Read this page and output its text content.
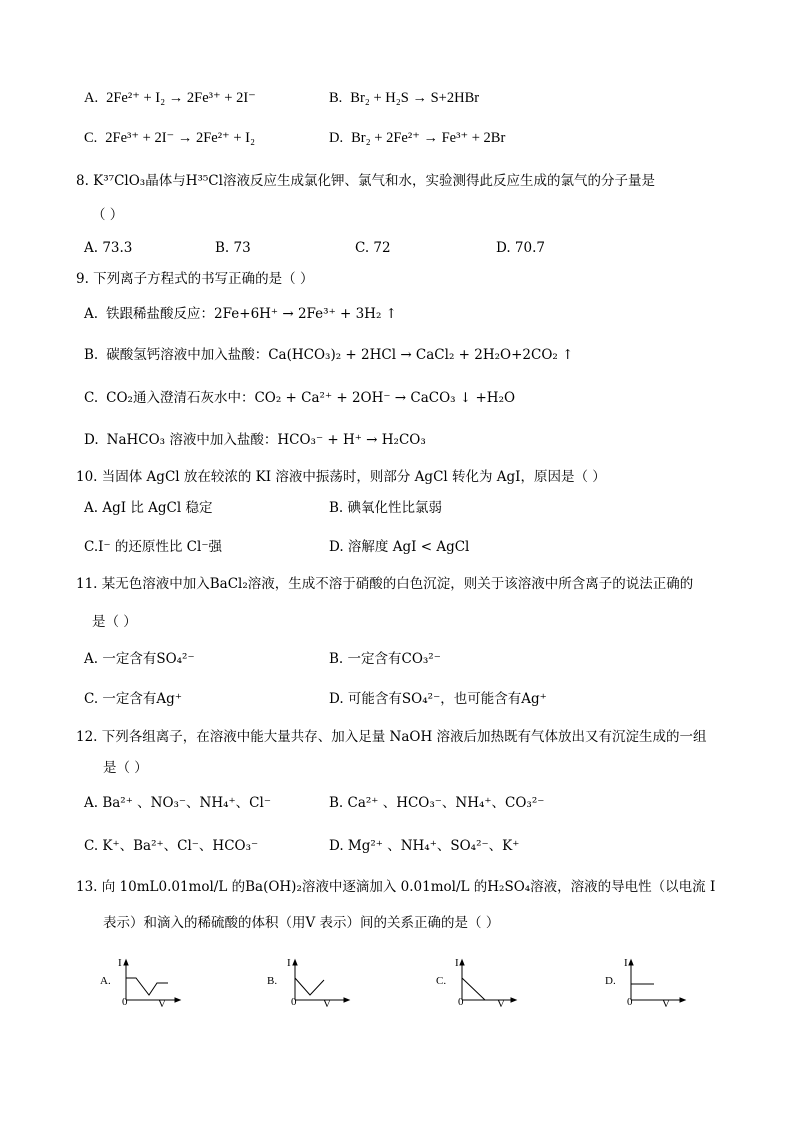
A. 2Fe²⁺ + I₂ → 2Fe³⁺ + 2I⁻	B. Br₂ + H₂S → S+2HBr
C. 2Fe³⁺ + 2I⁻ → 2Fe²⁺ + I₂	D. Br₂ + 2Fe²⁺ → Fe³⁺ + 2Br
8. K³⁷ClO₃晶体与H³⁵Cl溶液反应生成氯化钾、氯气和水，实验测得此反应生成的氯气的分子量是
（ ）
A. 73.3	B. 73	C. 72	D. 70.7
9. 下列离子方程式的书写正确的是（ ）
A. 铁跟稀盐酸反应：2Fe+6H⁺ → 2Fe³⁺ + 3H₂ ↑
B. 碳酸氢钙溶液中加入盐酸：Ca(HCO₃)₂ + 2HCl → CaCl₂ + 2H₂O+2CO₂ ↑
C. CO₂通入澄清石灰水中：CO₂ + Ca²⁺ + 2OH⁻ → CaCO₃ ↓ +H₂O
D. NaHCO₃ 溶液中加入盐酸：HCO₃⁻ + H⁺ → H₂CO₃
10. 当固体 AgCl 放在较浓的 KI 溶液中振荡时，则部分 AgCl 转化为 AgI，原因是（ ）
A. AgI 比 AgCl 稳定	B. 碘氧化性比氯弱
C.I⁻ 的还原性比 Cl⁻强	D. 溶解度 AgI < AgCl
11. 某无色溶液中加入BaCl₂溶液，生成不溶于硝酸的白色沉淀，则关于该溶液中所含离子的说法正确的
是（ ）
A. 一定含有SO₄²⁻	B. 一定含有CO₃²⁻
C. 一定含有Ag⁺	D. 可能含有SO₄²⁻，也可能含有Ag⁺
12. 下列各组离子，在溶液中能大量共存、加入足量 NaOH 溶液后加热既有气体放出又有沉淀生成的一组
是（ ）
A. Ba²⁺ 、NO₃⁻、NH₄⁺、Cl⁻	B. Ca²⁺ 、HCO₃⁻、NH₄⁺、CO₃²⁻
C. K⁺、Ba²⁺、Cl⁻、HCO₃⁻	D. Mg²⁺ 、NH₄⁺、SO₄²⁻、K⁺
13. 向 10mL0.01mol/L 的Ba(OH)₂溶液中逐滴加入 0.01mol/L 的H₂SO₄溶液，溶液的导电性（以电流 I
表示）和滴入的稀硫酸的体积（用V 表示）间的关系正确的是（ ）
A.
I
0	V
B.
I
0 V
C.
I
0	V
D.
I
0	V
